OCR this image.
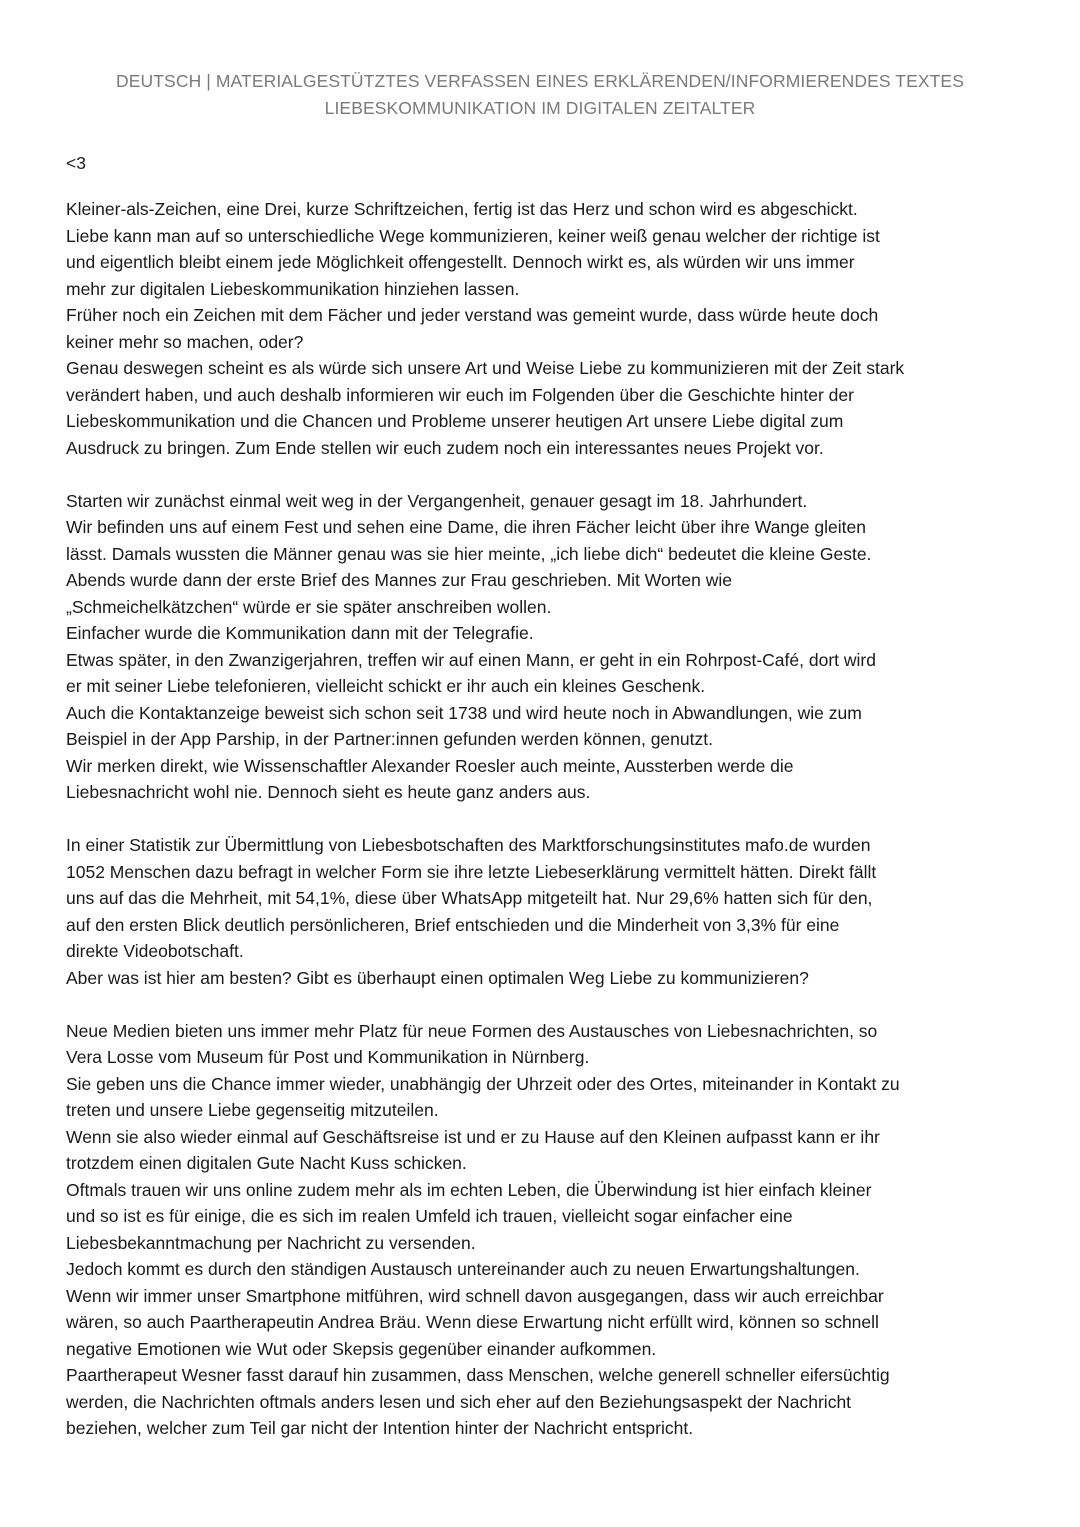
DEUTSCH | MATERIALGESTÜTZTES VERFASSEN EINES ERKLÄRENDEN/INFORMIERENDES TEXTES
LIEBESKOMMUNIKATION IM DIGITALEN ZEITALTER
<3
Kleiner-als-Zeichen, eine Drei, kurze Schriftzeichen, fertig ist das Herz und schon wird es abgeschickt.
Liebe kann man auf so unterschiedliche Wege kommunizieren, keiner weiß genau welcher der richtige ist
und eigentlich bleibt einem jede Möglichkeit offengestellt. Dennoch wirkt es, als würden wir uns immer
mehr zur digitalen Liebeskommunikation hinziehen lassen.
Früher noch ein Zeichen mit dem Fächer und jeder verstand was gemeint wurde, dass würde heute doch
keiner mehr so machen, oder?
Genau deswegen scheint es als würde sich unsere Art und Weise Liebe zu kommunizieren mit der Zeit stark
verändert haben, und auch deshalb informieren wir euch im Folgenden über die Geschichte hinter der
Liebeskommunikation und die Chancen und Probleme unserer heutigen Art unsere Liebe digital zum
Ausdruck zu bringen. Zum Ende stellen wir euch zudem noch ein interessantes neues Projekt vor.
Starten wir zunächst einmal weit weg in der Vergangenheit, genauer gesagt im 18. Jahrhundert.
Wir befinden uns auf einem Fest und sehen eine Dame, die ihren Fächer leicht über ihre Wange gleiten
lässt. Damals wussten die Männer genau was sie hier meinte, „ich liebe dich“ bedeutet die kleine Geste.
Abends wurde dann der erste Brief des Mannes zur Frau geschrieben. Mit Worten wie
„Schmeichelkätzchen“ würde er sie später anschreiben wollen.
Einfacher wurde die Kommunikation dann mit der Telegrafie.
Etwas später, in den Zwanzigerjahren, treffen wir auf einen Mann, er geht in ein Rohrpost-Café, dort wird
er mit seiner Liebe telefonieren, vielleicht schickt er ihr auch ein kleines Geschenk.
Auch die Kontaktanzeige beweist sich schon seit 1738 und wird heute noch in Abwandlungen, wie zum
Beispiel in der App Parship, in der Partner:innen gefunden werden können, genutzt.
Wir merken direkt, wie Wissenschaftler Alexander Roesler auch meinte, Aussterben werde die
Liebesnachricht wohl nie. Dennoch sieht es heute ganz anders aus.
In einer Statistik zur Übermittlung von Liebesbotschaften des Marktforschungsinstitutes mafo.de wurden
1052 Menschen dazu befragt in welcher Form sie ihre letzte Liebeserklärung vermittelt hätten. Direkt fällt
uns auf das die Mehrheit, mit 54,1%, diese über WhatsApp mitgeteilt hat. Nur 29,6% hatten sich für den,
auf den ersten Blick deutlich persönlicheren, Brief entschieden und die Minderheit von 3,3% für eine
direkte Videobotschaft.
Aber was ist hier am besten? Gibt es überhaupt einen optimalen Weg Liebe zu kommunizieren?
Neue Medien bieten uns immer mehr Platz für neue Formen des Austausches von Liebesnachrichten, so
Vera Losse vom Museum für Post und Kommunikation in Nürnberg.
Sie geben uns die Chance immer wieder, unabhängig der Uhrzeit oder des Ortes, miteinander in Kontakt zu
treten und unsere Liebe gegenseitig mitzuteilen.
Wenn sie also wieder einmal auf Geschäftsreise ist und er zu Hause auf den Kleinen aufpasst kann er ihr
trotzdem einen digitalen Gute Nacht Kuss schicken.
Oftmals trauen wir uns online zudem mehr als im echten Leben, die Überwindung ist hier einfach kleiner
und so ist es für einige, die es sich im realen Umfeld ich trauen, vielleicht sogar einfacher eine
Liebesbekanntmachung per Nachricht zu versenden.
Jedoch kommt es durch den ständigen Austausch untereinander auch zu neuen Erwartungshaltungen.
Wenn wir immer unser Smartphone mitführen, wird schnell davon ausgegangen, dass wir auch erreichbar
wären, so auch Paartherapeutin Andrea Bräu. Wenn diese Erwartung nicht erfüllt wird, können so schnell
negative Emotionen wie Wut oder Skepsis gegenüber einander aufkommen.
Paartherapeut Wesner fasst darauf hin zusammen, dass Menschen, welche generell schneller eifersüchtig
werden, die Nachrichten oftmals anders lesen und sich eher auf den Beziehungsaspekt der Nachricht
beziehen, welcher zum Teil gar nicht der Intention hinter der Nachricht entspricht.
